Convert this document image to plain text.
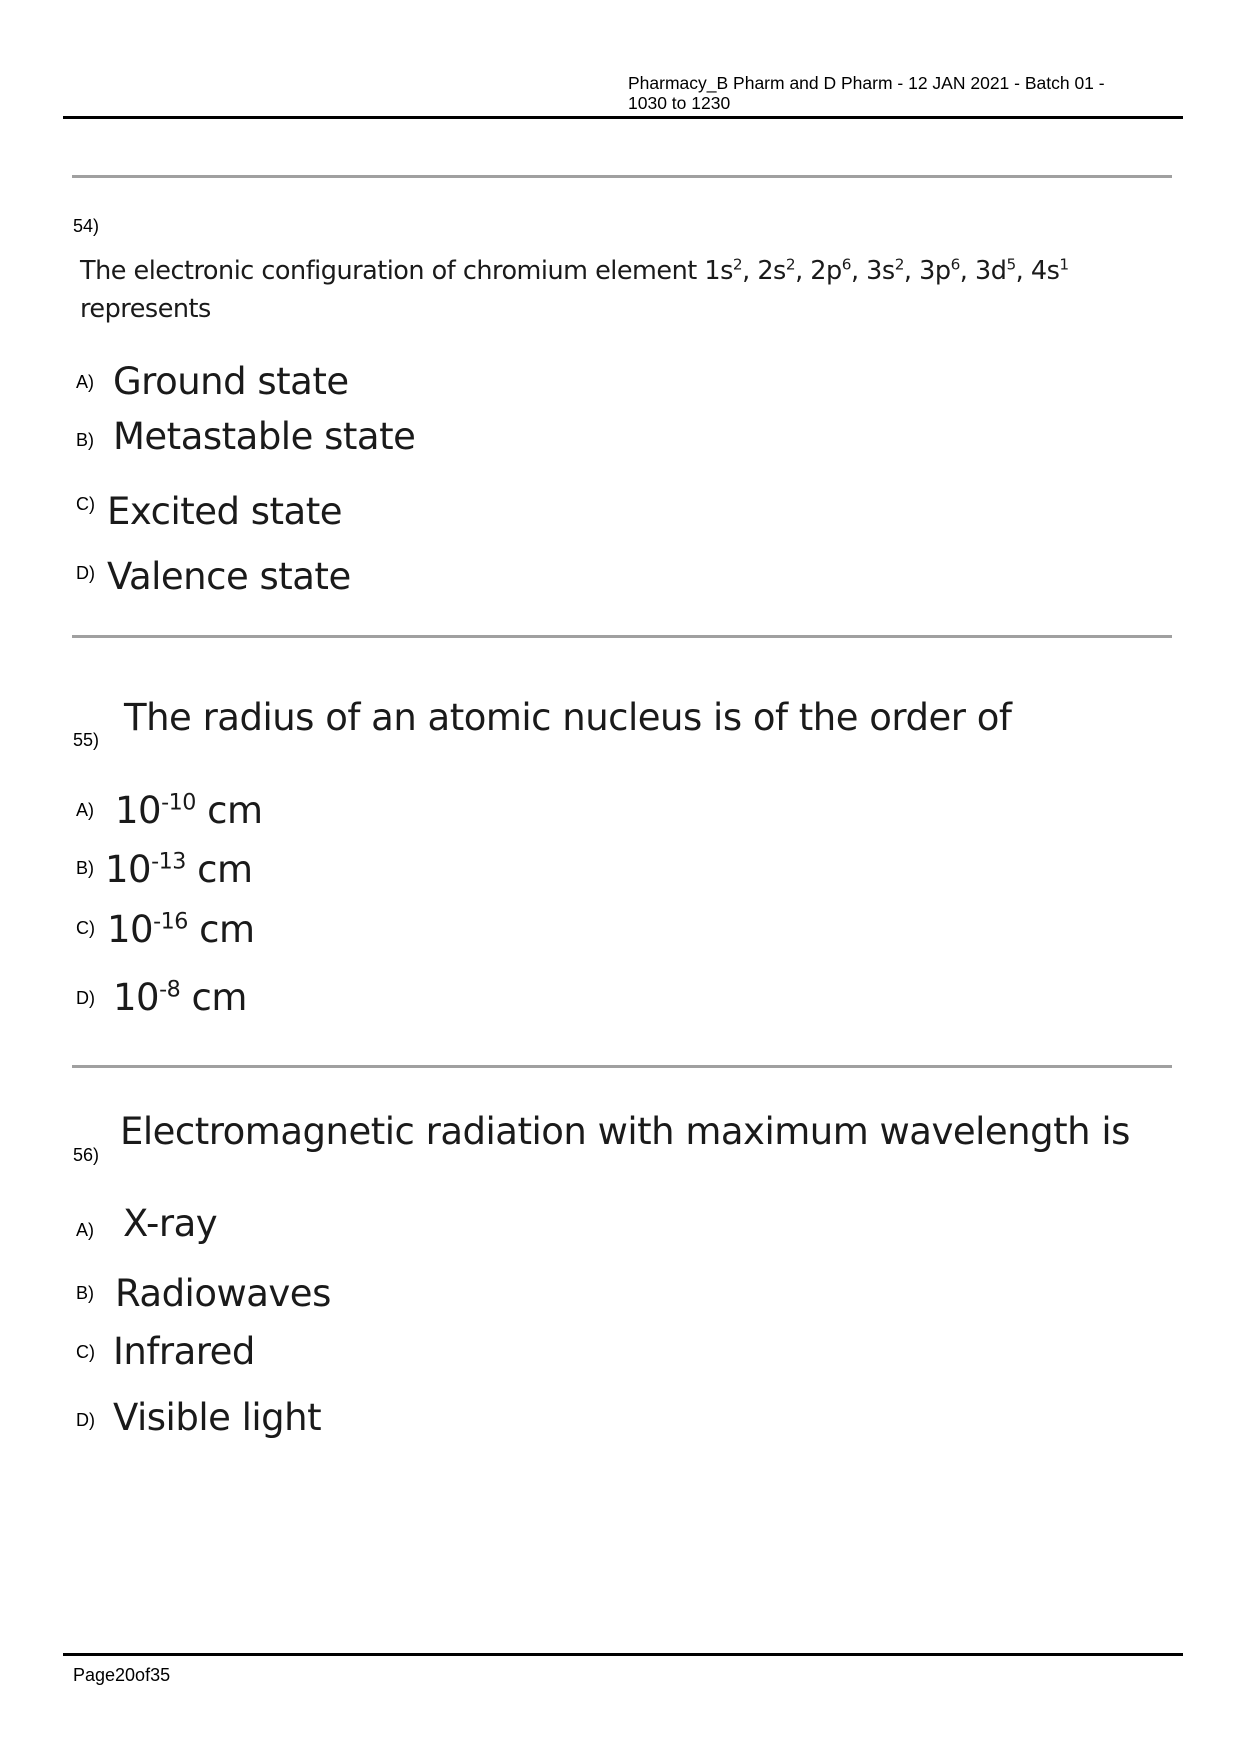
Pharmacy_B Pharm and D Pharm - 12 JAN 2021 - Batch 01 - 1030 to 1230
54)
The electronic configuration of chromium element $1s^2$, $2s^2$, $2p^6$, $3s^2$, $3p^6$, $3d^5$, $4s^1$
represents
A) Ground state
B) Metastable state
C) Excited state
D) Valence state
55)
The radius of an atomic nucleus is of the order of
A) $10^{-10}$ cm
B) $10^{-13}$ cm
C) $10^{-16}$ cm
D) $10^{-8}$ cm
56)
Electromagnetic radiation with maximum wavelength is
A) X-ray
B) Radiowaves
C) Infrared
D) Visible light
Page20of35
